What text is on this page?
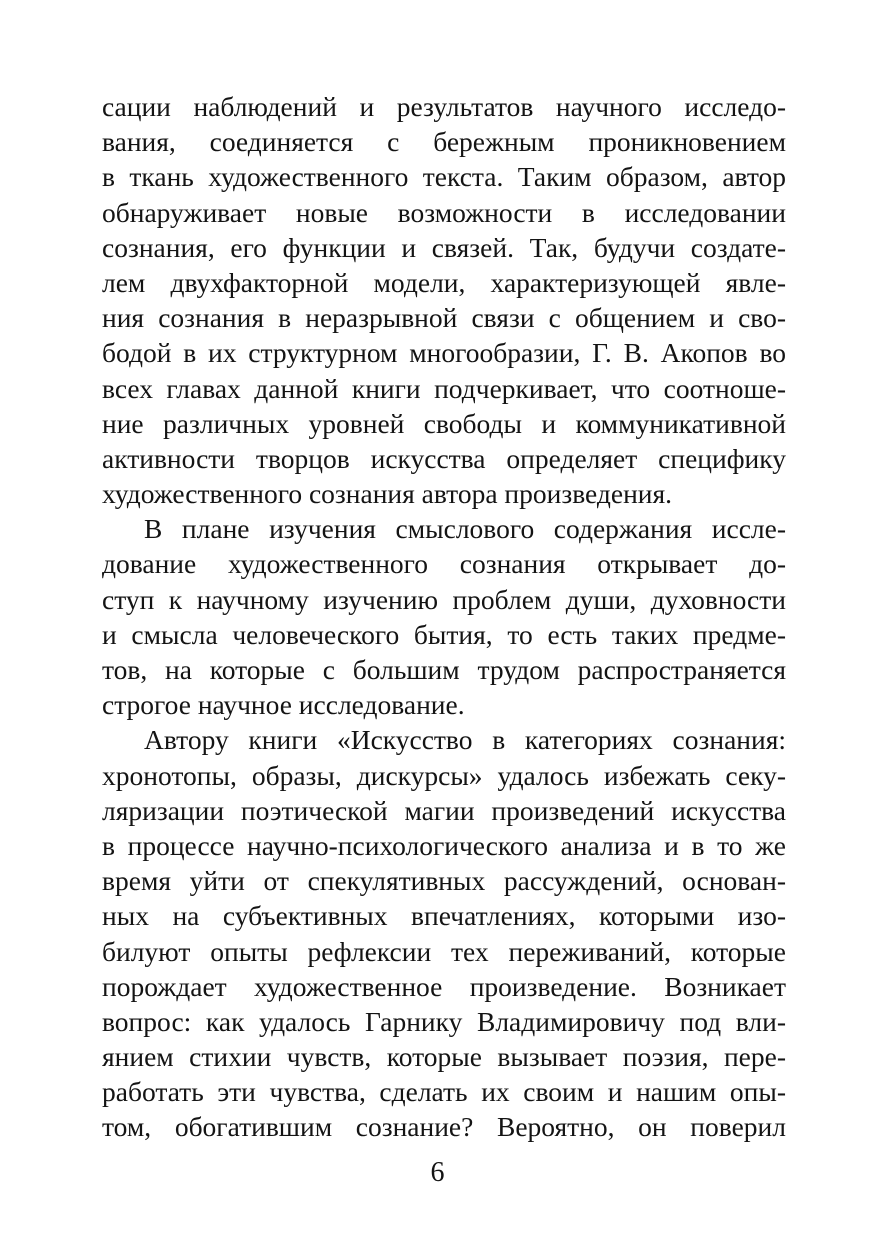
сации наблюдений и результатов научного исследо-
вания, соединяется с бережным проникновением
в ткань художественного текста. Таким образом, автор
обнаруживает новые возможности в исследовании
сознания, его функции и связей. Так, будучи создате-
лем двухфакторной модели, характеризующей явле-
ния сознания в неразрывной связи с общением и сво-
бодой в их структурном многообразии, Г. В. Акопов во
всех главах данной книги подчеркивает, что соотноше-
ние различных уровней свободы и коммуникативной
активности творцов искусства определяет специфику
художественного сознания автора произведения.
В плане изучения смыслового содержания иссле-
дование художественного сознания открывает до-
ступ к научному изучению проблем души, духовности
и смысла человеческого бытия, то есть таких предме-
тов, на которые с большим трудом распространяется
строгое научное исследование.
Автору книги «Искусство в категориях сознания:
хронотопы, образы, дискурсы» удалось избежать секу-
ляризации поэтической магии произведений искусства
в процессе научно-психологического анализа и в то же
время уйти от спекулятивных рассуждений, основан-
ных на субъективных впечатлениях, которыми изо-
билуют опыты рефлексии тех переживаний, которые
порождает художественное произведение. Возникает
вопрос: как удалось Гарнику Владимировичу под вли-
янием стихии чувств, которые вызывает поэзия, пере-
работать эти чувства, сделать их своим и нашим опы-
том, обогатившим сознание? Вероятно, он поверил
6
